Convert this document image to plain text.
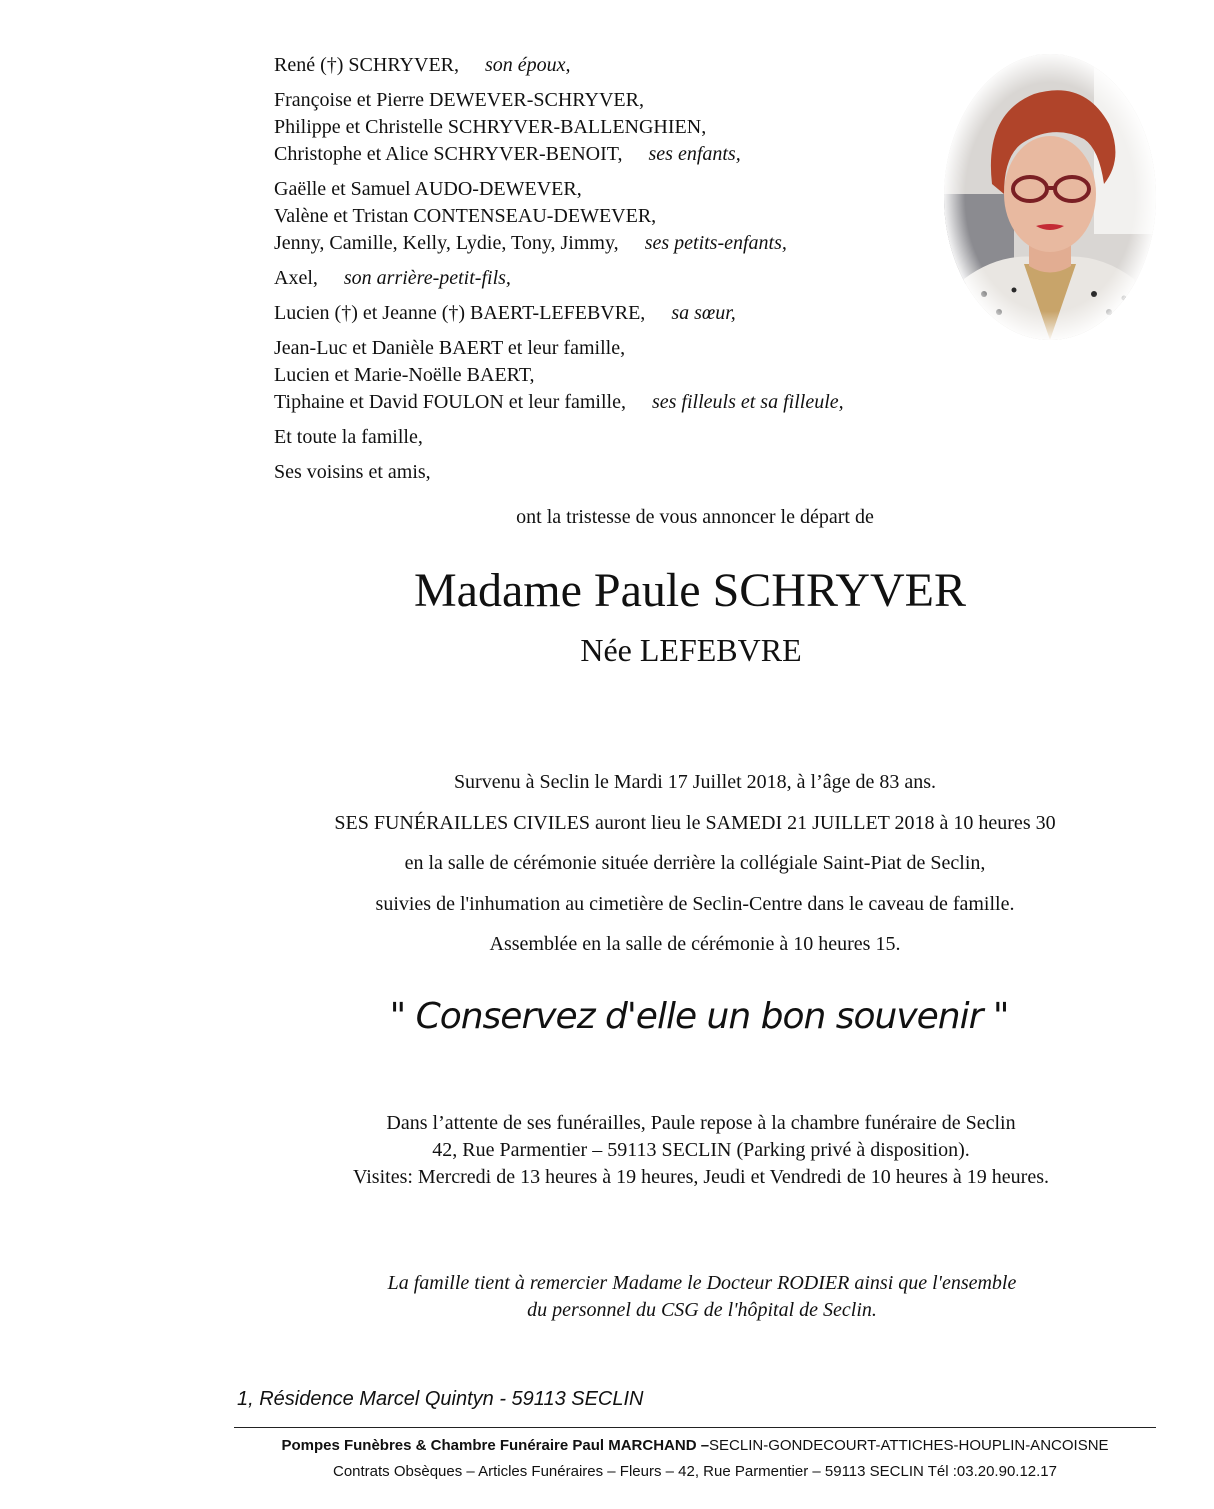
René (†) SCHRYVER, son époux,
Françoise et Pierre DEWEVER-SCHRYVER,
Philippe et Christelle SCHRYVER-BALLENGHIEN,
Christophe et Alice SCHRYVER-BENOIT, ses enfants,
Gaëlle et Samuel AUDO-DEWEVER,
Valène et Tristan CONTENSEAU-DEWEVER,
Jenny, Camille, Kelly, Lydie, Tony, Jimmy, ses petits-enfants,
Axel, son arrière-petit-fils,
Lucien (†) et Jeanne (†) BAERT-LEFEBVRE, sa sœur,
Jean-Luc et Danièle BAERT et leur famille,
Lucien et Marie-Noëlle BAERT,
Tiphaine et David FOULON et leur famille, ses filleuls et sa filleule,
Et toute la famille,
Ses voisins et amis,
ont la tristesse de vous annoncer le départ de
Madame Paule SCHRYVER
Née LEFEBVRE
Survenu à Seclin le Mardi 17 Juillet 2018, à l’âge de 83 ans.
SES FUNÉRAILLES CIVILES auront lieu le SAMEDI 21 JUILLET 2018 à 10 heures 30
en la salle de cérémonie située derrière la collégiale Saint-Piat de Seclin,
suivies de l'inhumation au cimetière de Seclin-Centre dans le caveau de famille.
Assemblée en la salle de cérémonie à 10 heures 15.
" Conservez d'elle un bon souvenir "
Dans l’attente de ses funérailles, Paule repose à la chambre funéraire de Seclin
42, Rue Parmentier – 59113 SECLIN (Parking privé à disposition).
Visites: Mercredi de 13 heures à 19 heures, Jeudi et Vendredi de 10 heures à 19 heures.
La famille tient à remercier Madame le Docteur RODIER ainsi que l'ensemble
du personnel du CSG de l'hôpital de Seclin.
1, Résidence Marcel Quintyn - 59113 SECLIN
Pompes Funèbres & Chambre Funéraire Paul MARCHAND –SECLIN-GONDECOURT-ATTICHES-HOUPLIN-ANCOISNE
Contrats Obsèques – Articles Funéraires – Fleurs – 42, Rue Parmentier – 59113 SECLIN Tél :03.20.90.12.17
